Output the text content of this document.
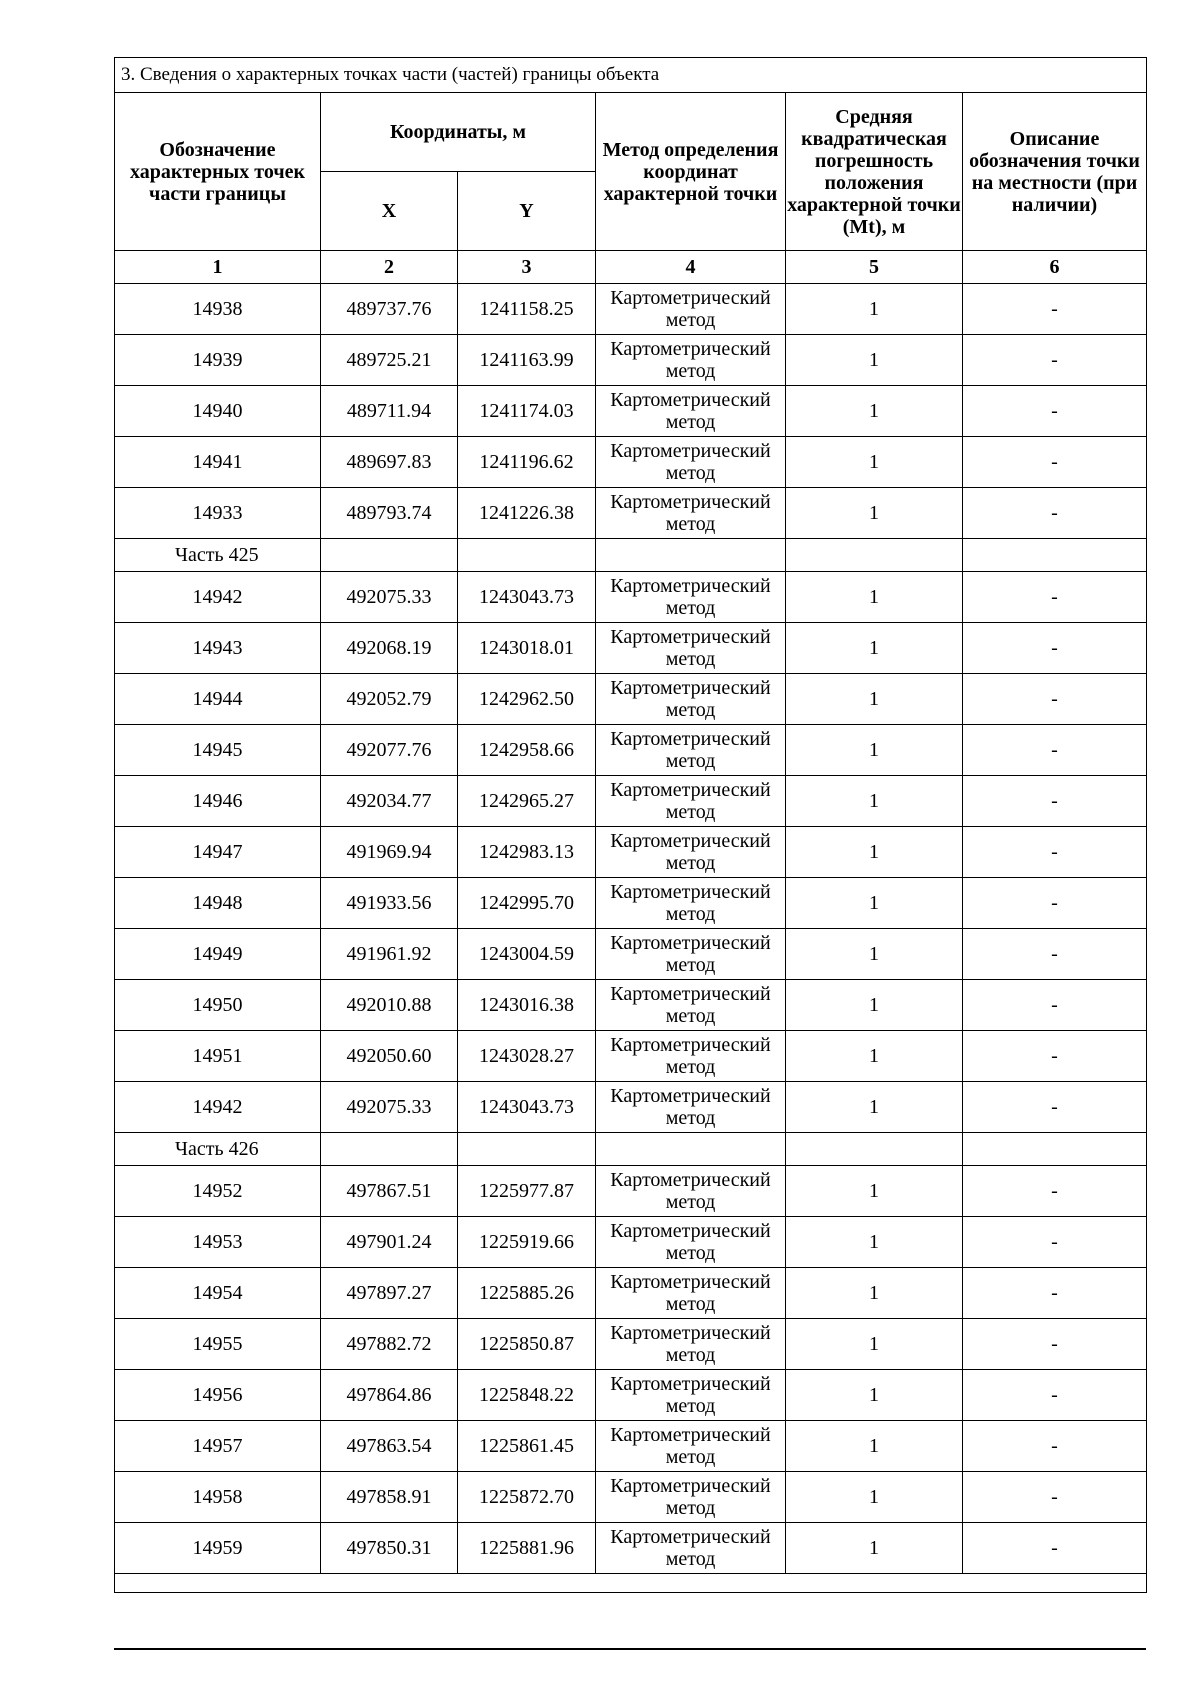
3. Сведения о характерных точках части (частей) границы объекта					
Обозначение характерных точек части границы	Координаты, м		Метод определения координат характерной точки	Средняя квадратическая погрешность положения характерной точки (Mt), м	Описание обозначения точки на местности (при наличии)
	X	Y			
1	2	3	4	5	6
14938	489737.76	1241158.25	Картометрический метод	1	-
14939	489725.21	1241163.99	Картометрический метод	1	-
14940	489711.94	1241174.03	Картометрический метод	1	-
14941	489697.83	1241196.62	Картометрический метод	1	-
14933	489793.74	1241226.38	Картометрический метод	1	-
Часть 425					
14942	492075.33	1243043.73	Картометрический метод	1	-
14943	492068.19	1243018.01	Картометрический метод	1	-
14944	492052.79	1242962.50	Картометрический метод	1	-
14945	492077.76	1242958.66	Картометрический метод	1	-
14946	492034.77	1242965.27	Картометрический метод	1	-
14947	491969.94	1242983.13	Картометрический метод	1	-
14948	491933.56	1242995.70	Картометрический метод	1	-
14949	491961.92	1243004.59	Картометрический метод	1	-
14950	492010.88	1243016.38	Картометрический метод	1	-
14951	492050.60	1243028.27	Картометрический метод	1	-
14942	492075.33	1243043.73	Картометрический метод	1	-
Часть 426					
14952	497867.51	1225977.87	Картометрический метод	1	-
14953	497901.24	1225919.66	Картометрический метод	1	-
14954	497897.27	1225885.26	Картометрический метод	1	-
14955	497882.72	1225850.87	Картометрический метод	1	-
14956	497864.86	1225848.22	Картометрический метод	1	-
14957	497863.54	1225861.45	Картометрический метод	1	-
14958	497858.91	1225872.70	Картометрический метод	1	-
14959	497850.31	1225881.96	Картометрический метод	1	-
